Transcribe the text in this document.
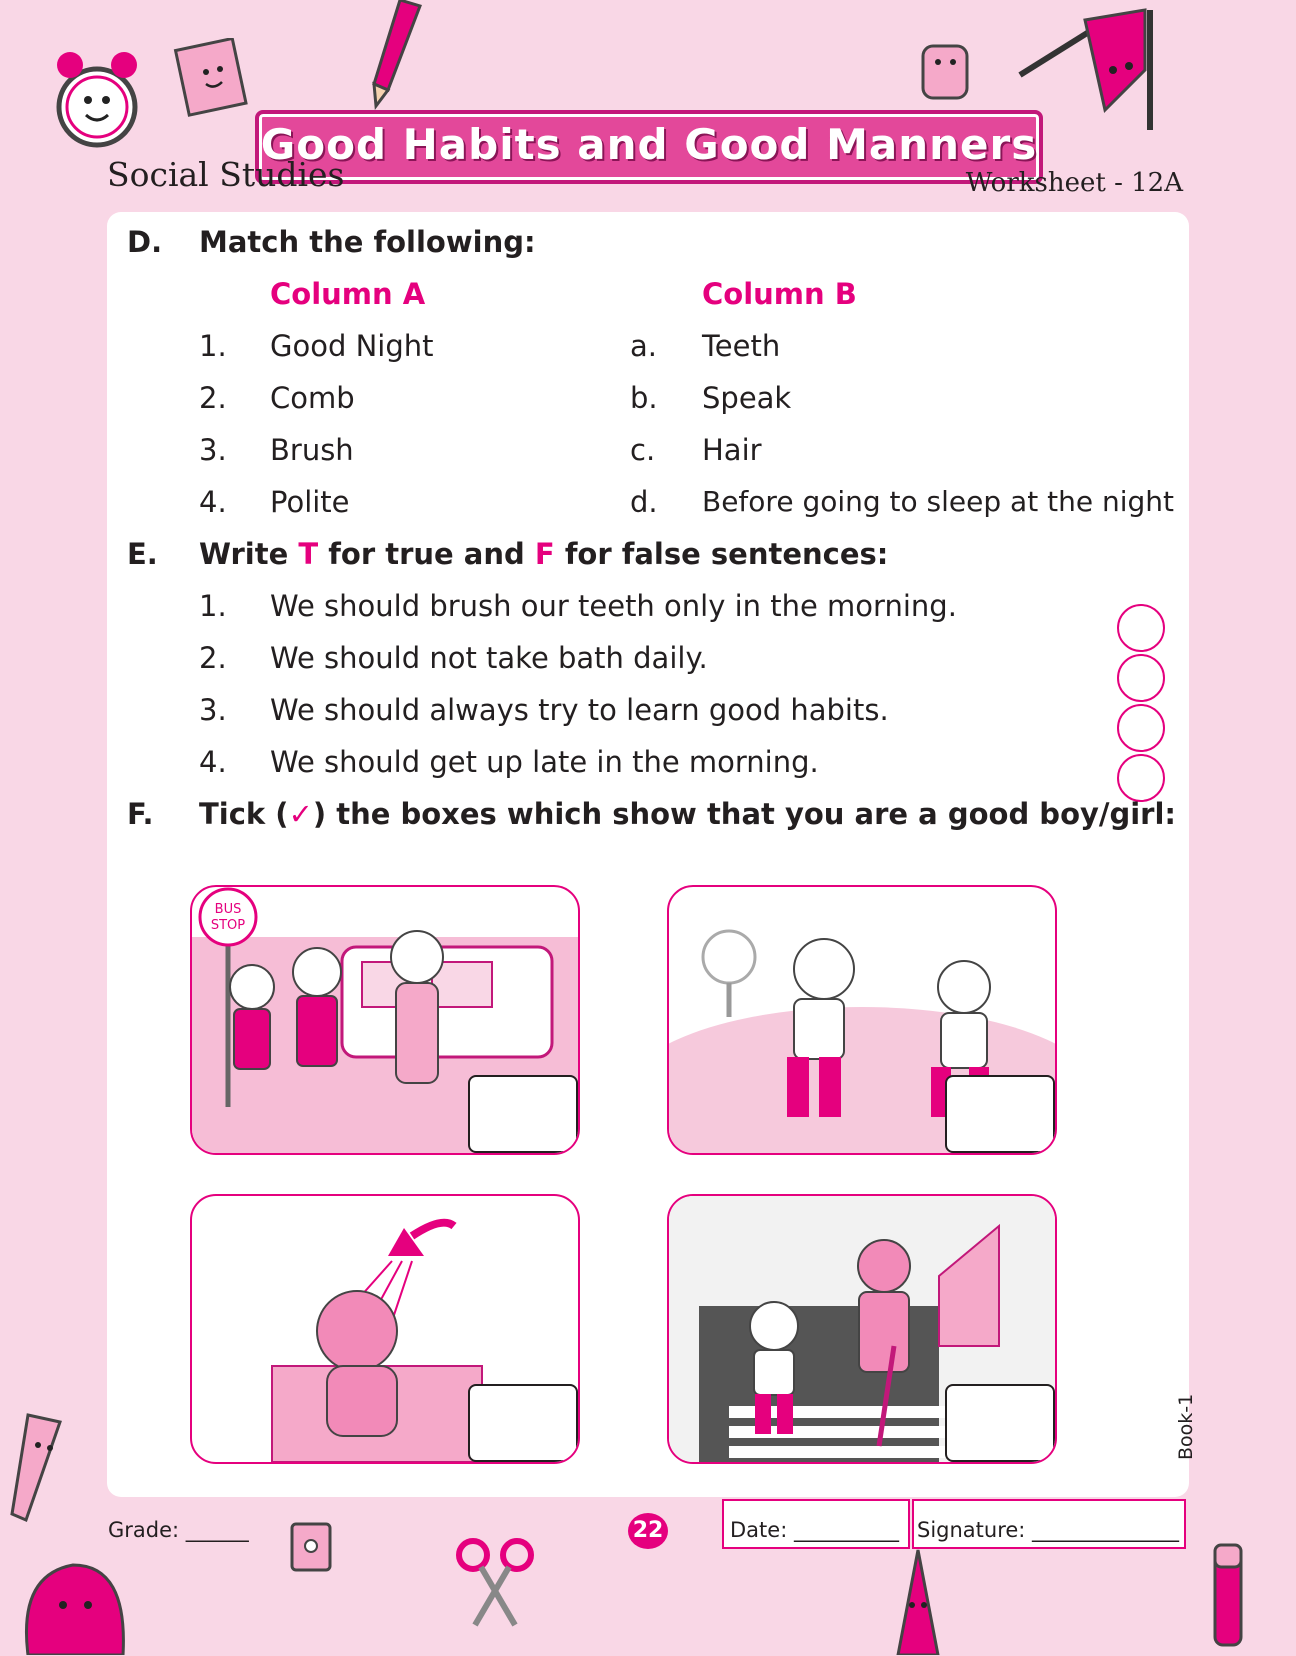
Good Habits and Good Manners
Social Studies	Worksheet - 12A
D. Match the following:
Column A	Column B
1. Good Night	a. Teeth
2. Comb	b. Speak
3. Brush	c. Hair
4. Polite	d. Before going to sleep at the night
E. Write T for true and F for false sentences:
1. We should brush our teeth only in the morning.
2. We should not take bath daily.
3. We should always try to learn good habits.
4. We should get up late in the morning.
F. Tick (✓) the boxes which show that you are a good boy/girl:
BUS
STOP
Grade: ______	22	Date: __________ Signature: ______________
Book-1
